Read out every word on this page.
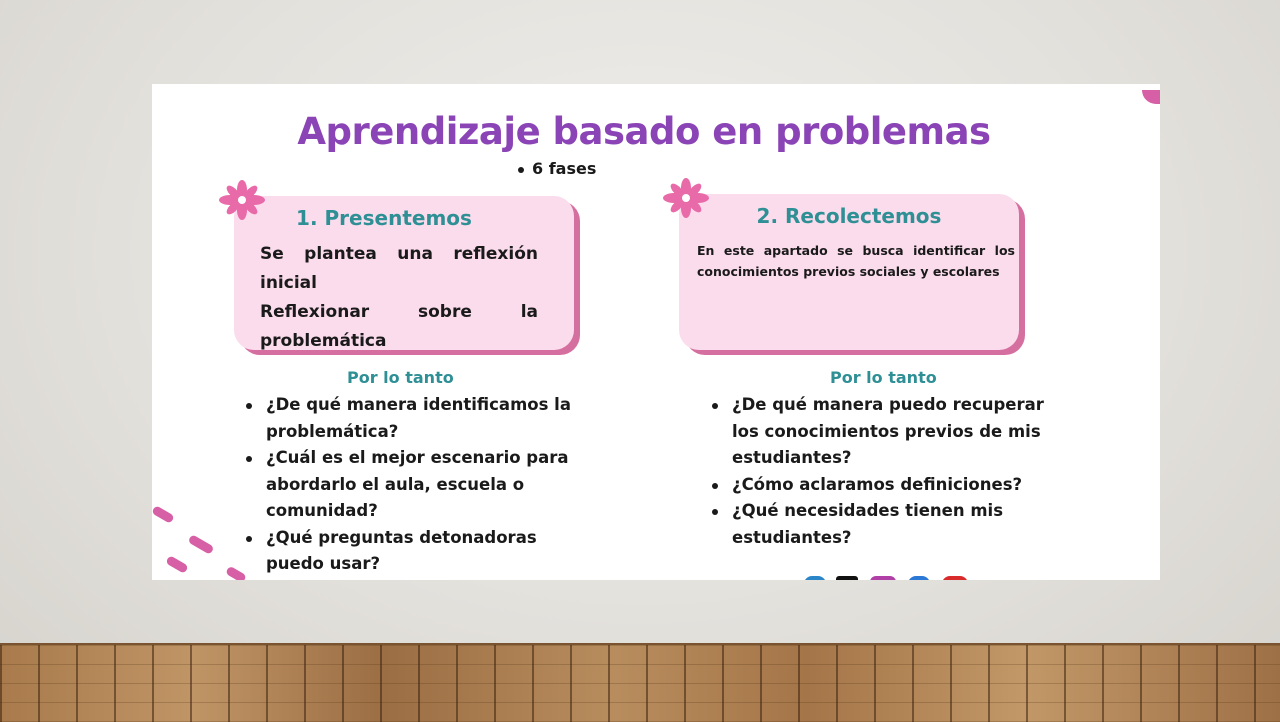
Aprendizaje basado en problemas
6 fases
1. Presentemos

Se plantea una reflexión

inicial

Reflexionar sobre la

problemática

2. Recolectemos
En este apartado se busca identificar los conocimientos previos sociales y escolares
Por lo tanto
¿De qué manera identificamos la problemática?
¿Cuál es el mejor escenario para abordarlo el aula, escuela o comunidad?
¿Qué preguntas detonadoras puedo usar?
Por lo tanto
¿De qué manera puedo recuperar los conocimientos previos de mis estudiantes?
¿Cómo aclaramos definiciones?
¿Qué necesidades tienen mis estudiantes?
